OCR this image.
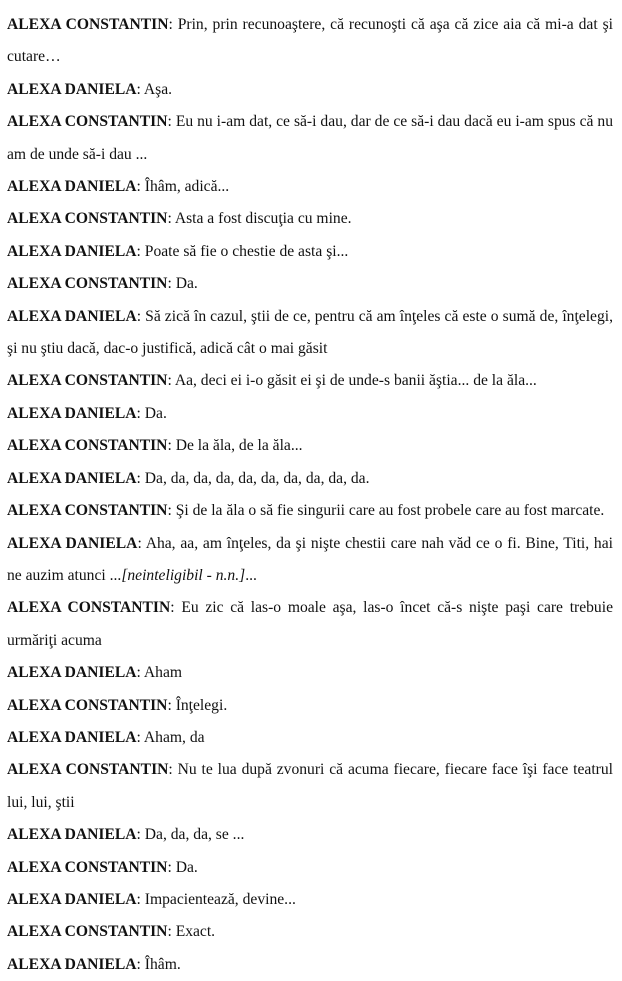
ALEXA CONSTANTIN: Prin, prin recunoaştere, că recunoşti că aşa că zice aia că mi-a dat şi cutare…

ALEXA DANIELA: Aşa.

ALEXA CONSTANTIN: Eu nu i-am dat, ce să-i dau, dar de ce să-i dau dacă eu i-am spus că nu am de unde să-i dau ...

ALEXA DANIELA: Îhâm, adică...

ALEXA CONSTANTIN: Asta a fost discuţia cu mine.

ALEXA DANIELA: Poate să fie o chestie de asta şi...

ALEXA CONSTANTIN: Da.

ALEXA DANIELA: Să zică în cazul, ştii de ce, pentru că am înţeles că este o sumă de, înţelegi, şi nu ştiu dacă, dac-o justifică, adică cât o mai găsit

ALEXA CONSTANTIN: Aa, deci ei i-o găsit ei şi de unde-s banii ăştia... de la ăla...

ALEXA DANIELA: Da.

ALEXA CONSTANTIN: De la ăla, de la ăla...

ALEXA DANIELA: Da, da, da, da, da, da, da, da, da, da.

ALEXA CONSTANTIN: Şi de la ăla o să fie singurii care au fost probele care au fost marcate.

ALEXA DANIELA: Aha, aa, am înţeles, da şi nişte chestii care nah văd ce o fi. Bine, Titi, hai ne auzim atunci ...[neinteligibil - n.n.]...

ALEXA CONSTANTIN: Eu zic că las-o moale aşa, las-o încet că-s nişte paşi care trebuie urmăriţi acuma

ALEXA DANIELA: Aham

ALEXA CONSTANTIN: Înţelegi.

ALEXA DANIELA: Aham, da

ALEXA CONSTANTIN: Nu te lua după zvonuri că acuma fiecare, fiecare face îşi face teatrul lui, lui, ştii

ALEXA DANIELA: Da, da, da, se ...

ALEXA CONSTANTIN: Da.

ALEXA DANIELA: Impacientează, devine...

ALEXA CONSTANTIN: Exact.

ALEXA DANIELA: Îhâm.
